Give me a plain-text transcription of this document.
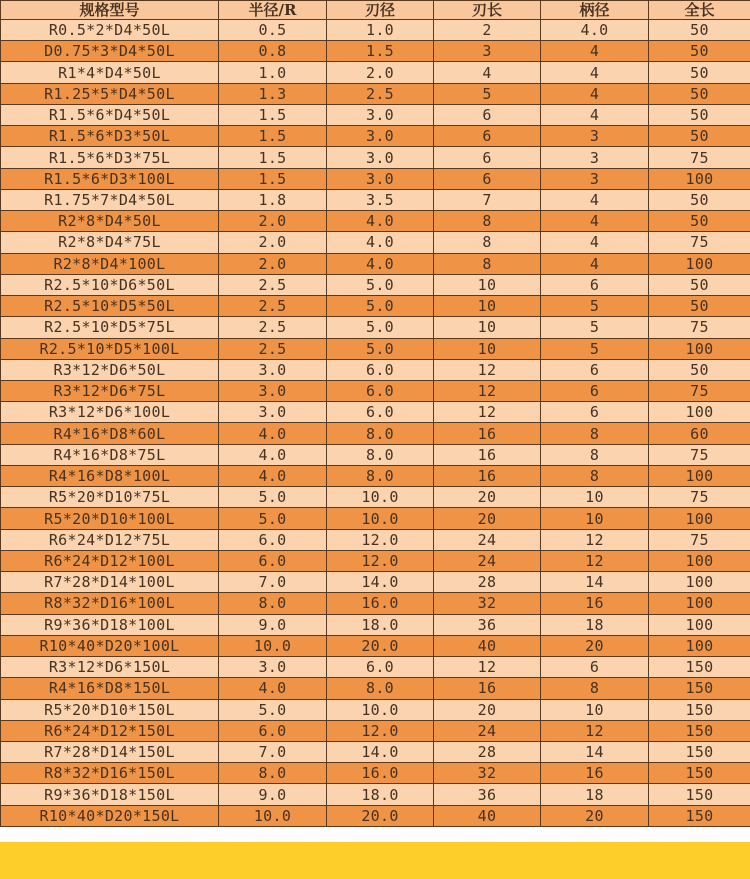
规格型号	半径/R	刃径	刃长	柄径	全长
R0.5*2*D4*50L	0.5	1.0	2	4.0	50
D0.75*3*D4*50L	0.8	1.5	3	4	50
R1*4*D4*50L	1.0	2.0	4	4	50
R1.25*5*D4*50L	1.3	2.5	5	4	50
R1.5*6*D4*50L	1.5	3.0	6	4	50
R1.5*6*D3*50L	1.5	3.0	6	3	50
R1.5*6*D3*75L	1.5	3.0	6	3	75
R1.5*6*D3*100L	1.5	3.0	6	3	100
R1.75*7*D4*50L	1.8	3.5	7	4	50
R2*8*D4*50L	2.0	4.0	8	4	50
R2*8*D4*75L	2.0	4.0	8	4	75
R2*8*D4*100L	2.0	4.0	8	4	100
R2.5*10*D6*50L	2.5	5.0	10	6	50
R2.5*10*D5*50L	2.5	5.0	10	5	50
R2.5*10*D5*75L	2.5	5.0	10	5	75
R2.5*10*D5*100L	2.5	5.0	10	5	100
R3*12*D6*50L	3.0	6.0	12	6	50
R3*12*D6*75L	3.0	6.0	12	6	75
R3*12*D6*100L	3.0	6.0	12	6	100
R4*16*D8*60L	4.0	8.0	16	8	60
R4*16*D8*75L	4.0	8.0	16	8	75
R4*16*D8*100L	4.0	8.0	16	8	100
R5*20*D10*75L	5.0	10.0	20	10	75
R5*20*D10*100L	5.0	10.0	20	10	100
R6*24*D12*75L	6.0	12.0	24	12	75
R6*24*D12*100L	6.0	12.0	24	12	100
R7*28*D14*100L	7.0	14.0	28	14	100
R8*32*D16*100L	8.0	16.0	32	16	100
R9*36*D18*100L	9.0	18.0	36	18	100
R10*40*D20*100L	10.0	20.0	40	20	100
R3*12*D6*150L	3.0	6.0	12	6	150
R4*16*D8*150L	4.0	8.0	16	8	150
R5*20*D10*150L	5.0	10.0	20	10	150
R6*24*D12*150L	6.0	12.0	24	12	150
R7*28*D14*150L	7.0	14.0	28	14	150
R8*32*D16*150L	8.0	16.0	32	16	150
R9*36*D18*150L	9.0	18.0	36	18	150
R10*40*D20*150L	10.0	20.0	40	20	150
